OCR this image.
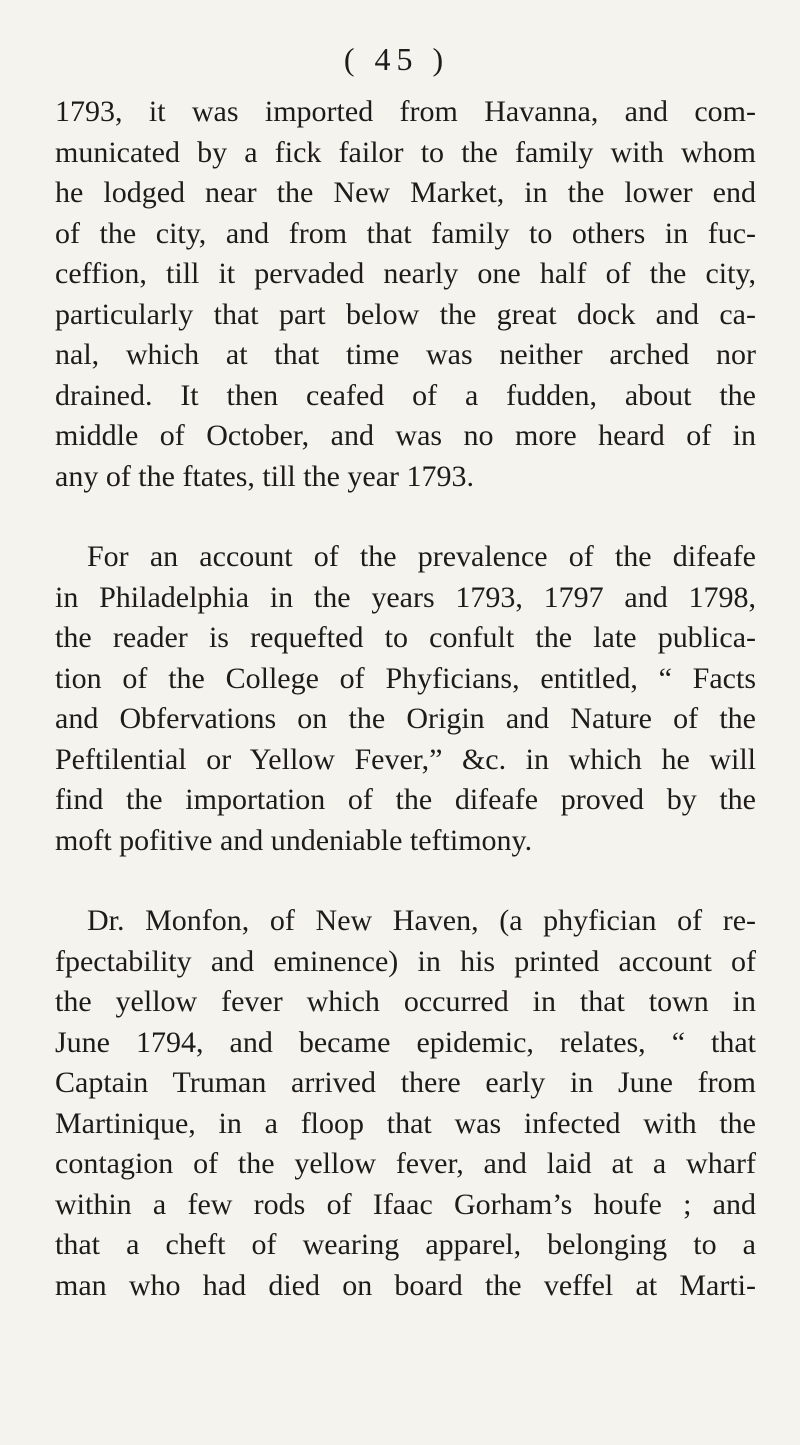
( 45 )

1793, it was imported from Havanna, and com-
municated by a fick failor to the family with whom
he lodged near the New Market, in the lower end
of the city, and from that family to others in fuc-
ceffion, till it pervaded nearly one half of the city,
particularly that part below the great dock and ca-
nal, which at that time was neither arched nor
drained. It then ceafed of a fudden, about the
middle of October, and was no more heard of in
any of the ftates, till the year 1793.

For an account of the prevalence of the difeafe
in Philadelphia in the years 1793, 1797 and 1798,
the reader is requefted to confult the late publica-
tion of the College of Phyficians, entitled, “ Facts
and Obfervations on the Origin and Nature of the
Peftilential or Yellow Fever,” &c. in which he will
find the importation of the difeafe proved by the
moft pofitive and undeniable teftimony.

Dr. Monfon, of New Haven, (a phyfician of re-
fpectability and eminence) in his printed account of
the yellow fever which occurred in that town in
June 1794, and became epidemic, relates, “ that
Captain Truman arrived there early in June from
Martinique, in a floop that was infected with the
contagion of the yellow fever, and laid at a wharf
within a few rods of Ifaac Gorham’s houfe ; and
that a cheft of wearing apparel, belonging to a
man who had died on board the veffel at Marti-
